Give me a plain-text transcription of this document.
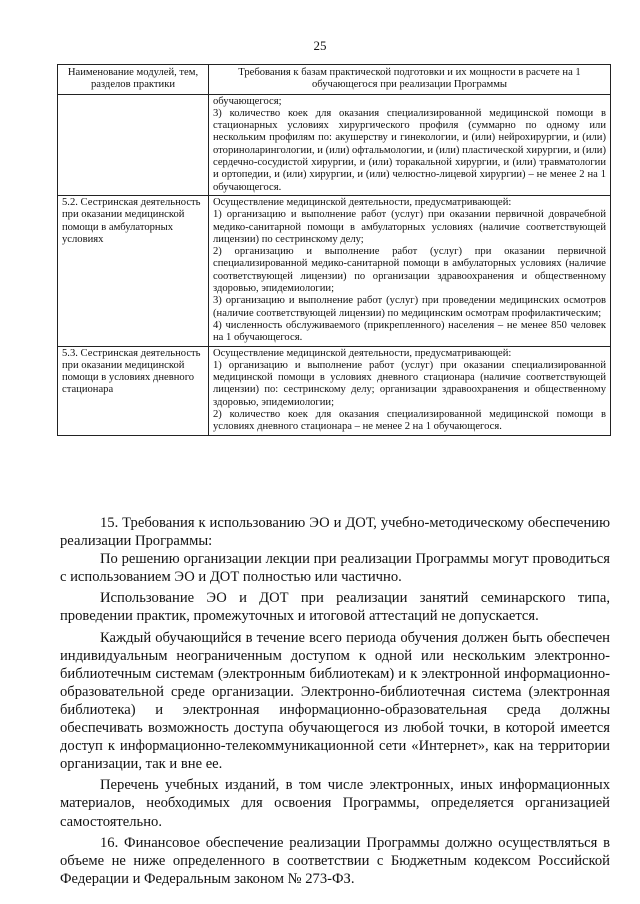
25
Наименование модулей, тем, разделов практики	Требования к базам практической подготовки и их мощности в расчете на 1 обучающегося при реализации Программы

	обучающегося;

3) количество коек для оказания специализированной медицинской помощи в стационарных условиях хирургического профиля (суммарно по одному или нескольким профилям по: акушерству и гинекологии, и (или) нейрохирургии, и (или) оториноларингологии, и (или) офтальмологии, и (или) пластической хирургии, и (или) сердечно-сосудистой хирургии, и (или) торакальной хирургии, и (или) травматологии и ортопедии, и (или) хирургии, и (или) челюстно-лицевой хирургии) – не менее 2 на 1 обучающегося.

5.2. Сестринская деятельность при оказании медицинской помощи в амбулаторных условиях	Осуществление медицинской деятельности, предусматривающей:

1) организацию и выполнение работ (услуг) при оказании первичной доврачебной медико-санитарной помощи в амбулаторных условиях (наличие соответствующей лицензии) по сестринскому делу;

2) организацию и выполнение работ (услуг) при оказании первичной специализированной медико-санитарной помощи в амбулаторных условиях (наличие соответствующей лицензии) по организации здравоохранения и общественному здоровью, эпидемиологии;

3) организацию и выполнение работ (услуг) при проведении медицинских осмотров (наличие соответствующей лицензии) по медицинским осмотрам профилактическим;

4) численность обслуживаемого (прикрепленного) населения – не менее 850 человек на 1 обучающегося.

5.3. Сестринская деятельность при оказании медицинской помощи в условиях дневного стационара	Осуществление медицинской деятельности, предусматривающей:

1) организацию и выполнение работ (услуг) при оказании специализированной медицинской помощи в условиях дневного стационара (наличие соответствующей лицензии) по: сестринскому делу; организации здравоохранения и общественному здоровью, эпидемиологии;

2) количество коек для оказания специализированной медицинской помощи в условиях дневного стационара – не менее 2 на 1 обучающегося.

15. Требования к использованию ЭО и ДОТ, учебно-методическому обеспечению реализации Программы:

По решению организации лекции при реализации Программы могут проводиться с использованием ЭО и ДОТ полностью или частично.

Использование ЭО и ДОТ при реализации занятий семинарского типа, проведении практик, промежуточных и итоговой аттестаций не допускается.

Каждый обучающийся в течение всего периода обучения должен быть обеспечен индивидуальным неограниченным доступом к одной или нескольким электронно-библиотечным системам (электронным библиотекам) и к электронной информационно-образовательной среде организации. Электронно-библиотечная система (электронная библиотека) и электронная информационно-образовательная среда должны обеспечивать возможность доступа обучающегося из любой точки, в которой имеется доступ к информационно-телекоммуникационной сети «Интернет», как на территории организации, так и вне ее.

Перечень учебных изданий, в том числе электронных, иных информационных материалов, необходимых для освоения Программы, определяется организацией самостоятельно.

16. Финансовое обеспечение реализации Программы должно осуществляться в объеме не ниже определенного в соответствии с Бюджетным кодексом Российской Федерации и Федеральным законом № 273-ФЗ.
